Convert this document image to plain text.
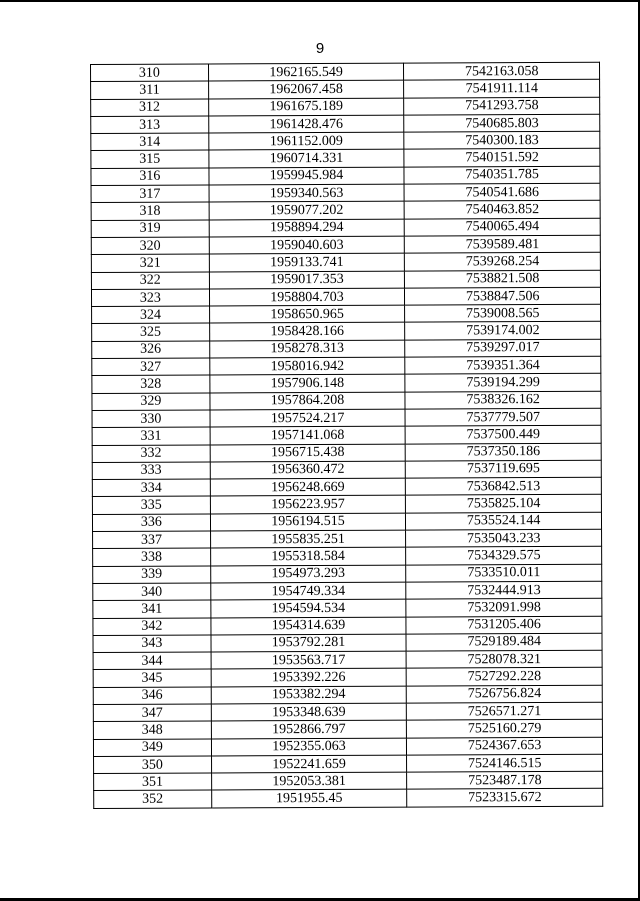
9
310	1962165.549	7542163.058
311	1962067.458	7541911.114
312	1961675.189	7541293.758
313	1961428.476	7540685.803
314	1961152.009	7540300.183
315	1960714.331	7540151.592
316	1959945.984	7540351.785
317	1959340.563	7540541.686
318	1959077.202	7540463.852
319	1958894.294	7540065.494
320	1959040.603	7539589.481
321	1959133.741	7539268.254
322	1959017.353	7538821.508
323	1958804.703	7538847.506
324	1958650.965	7539008.565
325	1958428.166	7539174.002
326	1958278.313	7539297.017
327	1958016.942	7539351.364
328	1957906.148	7539194.299
329	1957864.208	7538326.162
330	1957524.217	7537779.507
331	1957141.068	7537500.449
332	1956715.438	7537350.186
333	1956360.472	7537119.695
334	1956248.669	7536842.513
335	1956223.957	7535825.104
336	1956194.515	7535524.144
337	1955835.251	7535043.233
338	1955318.584	7534329.575
339	1954973.293	7533510.011
340	1954749.334	7532444.913
341	1954594.534	7532091.998
342	1954314.639	7531205.406
343	1953792.281	7529189.484
344	1953563.717	7528078.321
345	1953392.226	7527292.228
346	1953382.294	7526756.824
347	1953348.639	7526571.271
348	1952866.797	7525160.279
349	1952355.063	7524367.653
350	1952241.659	7524146.515
351	1952053.381	7523487.178
352	1951955.45	7523315.672
